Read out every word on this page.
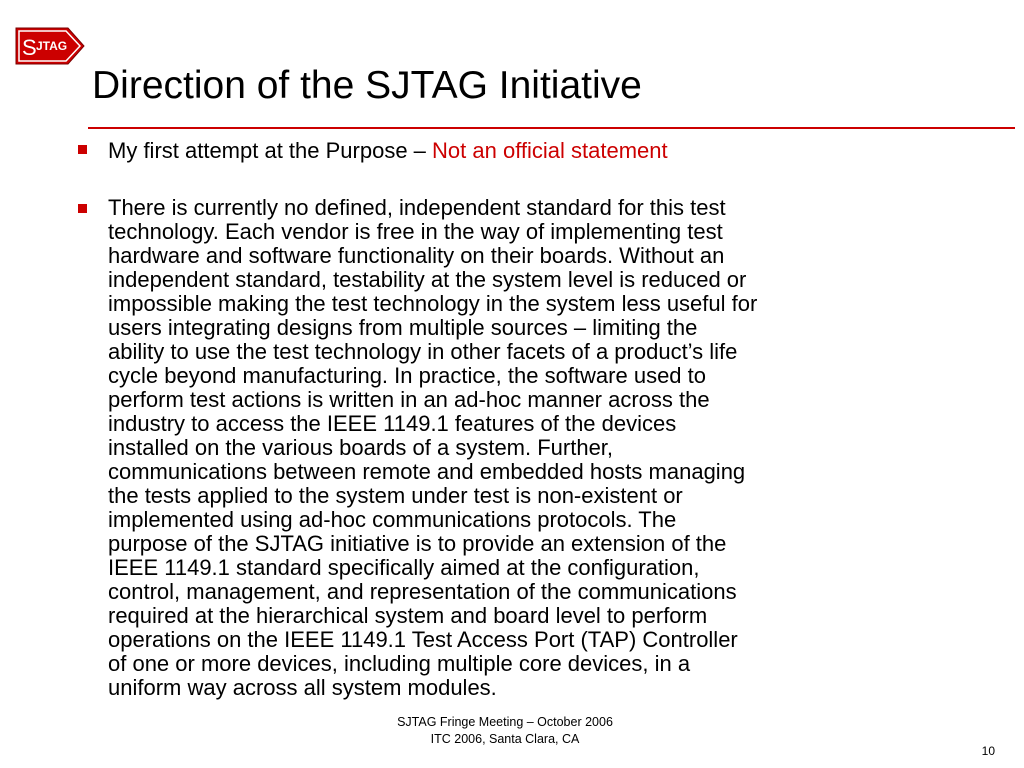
S JTAG
Direction of the SJTAG Initiative
My first attempt at the Purpose – Not an official statement
There is currently no defined, independent standard for this test
technology. Each vendor is free in the way of implementing test
hardware and software functionality on their boards. Without an
independent standard, testability at the system level is reduced or
impossible making the test technology in the system less useful for
users integrating designs from multiple sources – limiting the
ability to use the test technology in other facets of a product’s life
cycle beyond manufacturing. In practice, the software used to
perform test actions is written in an ad-hoc manner across the
industry to access the IEEE 1149.1 features of the devices
installed on the various boards of a system. Further,
communications between remote and embedded hosts managing
the tests applied to the system under test is non-existent or
implemented using ad-hoc communications protocols. The
purpose of the SJTAG initiative is to provide an extension of the
IEEE 1149.1 standard specifically aimed at the configuration,
control, management, and representation of the communications
required at the hierarchical system and board level to perform
operations on the IEEE 1149.1 Test Access Port (TAP) Controller
of one or more devices, including multiple core devices, in a
uniform way across all system modules.
SJTAG Fringe Meeting – October 2006
ITC 2006, Santa Clara, CA
10
